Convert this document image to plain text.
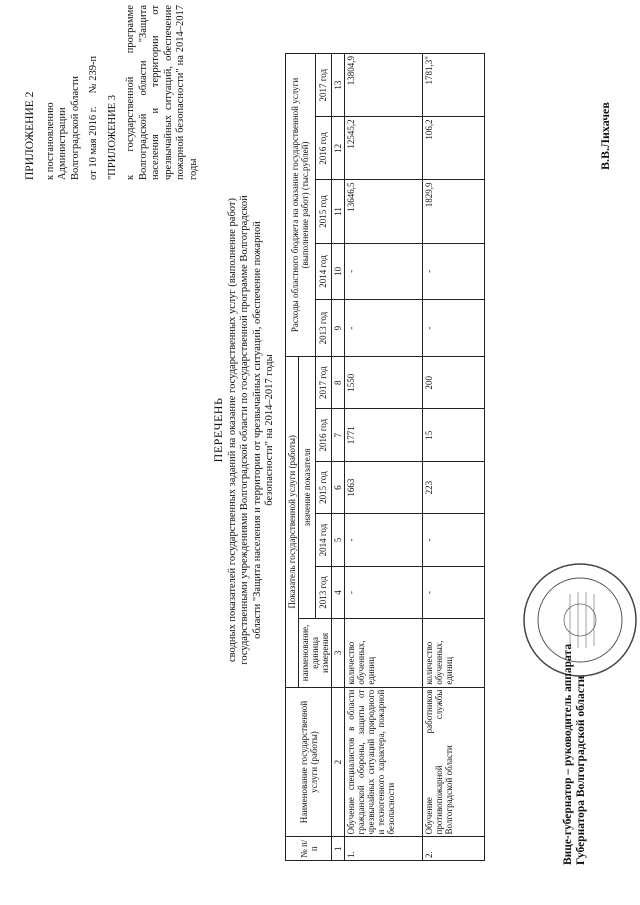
ПРИЛОЖЕНИЕ 2 к постановлению Администрации Волгоградской области от 10 мая 2016 г.     № 239-п
"ПРИЛОЖЕНИЕ 3 к государственной программе Волгоградской области "Защита населения и территории от чрезвычайных ситуаций, обеспечение пожарной безопасности" на 2014–2017 годы
ПЕРЕЧЕНЬ сводных показателей государственных заданий на оказание государственных услуг (выполнение работ) государственными учреждениями Волгоградской области по государственной программе Волгоградской области "Защита населения и территории от чрезвычайных ситуаций, обеспечение пожарной безопасности" на 2014–2017 годы
№ п/п	Наименование государственной услуги (работы)	Показатель государственной услуги (работы)						Расходы областного бюджета на оказание государственной услуги (выполнение работ) (тыс.рублей)				
		наименование, единица измерения	значение показателя									
			2013 год	2014 год	2015 год	2016 год	2017 год	2013 год	2014 год	2015 год	2016 год	2017 год
1	2	3	4	5	6	7	8	9	10	11	12	13
1.	Обучение специалистов в области гражданской обороны, защиты от чрезвычайных ситуаций природного и техногенного характера, пожарной безопасности	количество обученных, единиц	-	-	1663	1771	1550	-	-	13646,5	12545,2	13804,9
2.	Обучение работников противопожарной службы Волгоградской области	количество обученных, единиц	-	-	223	15	200	-	-	1829,9	106,2	1781,3"
Вице-губернатор – руководитель аппарата Губернатора Волгоградской области
В.В.Лихачев
